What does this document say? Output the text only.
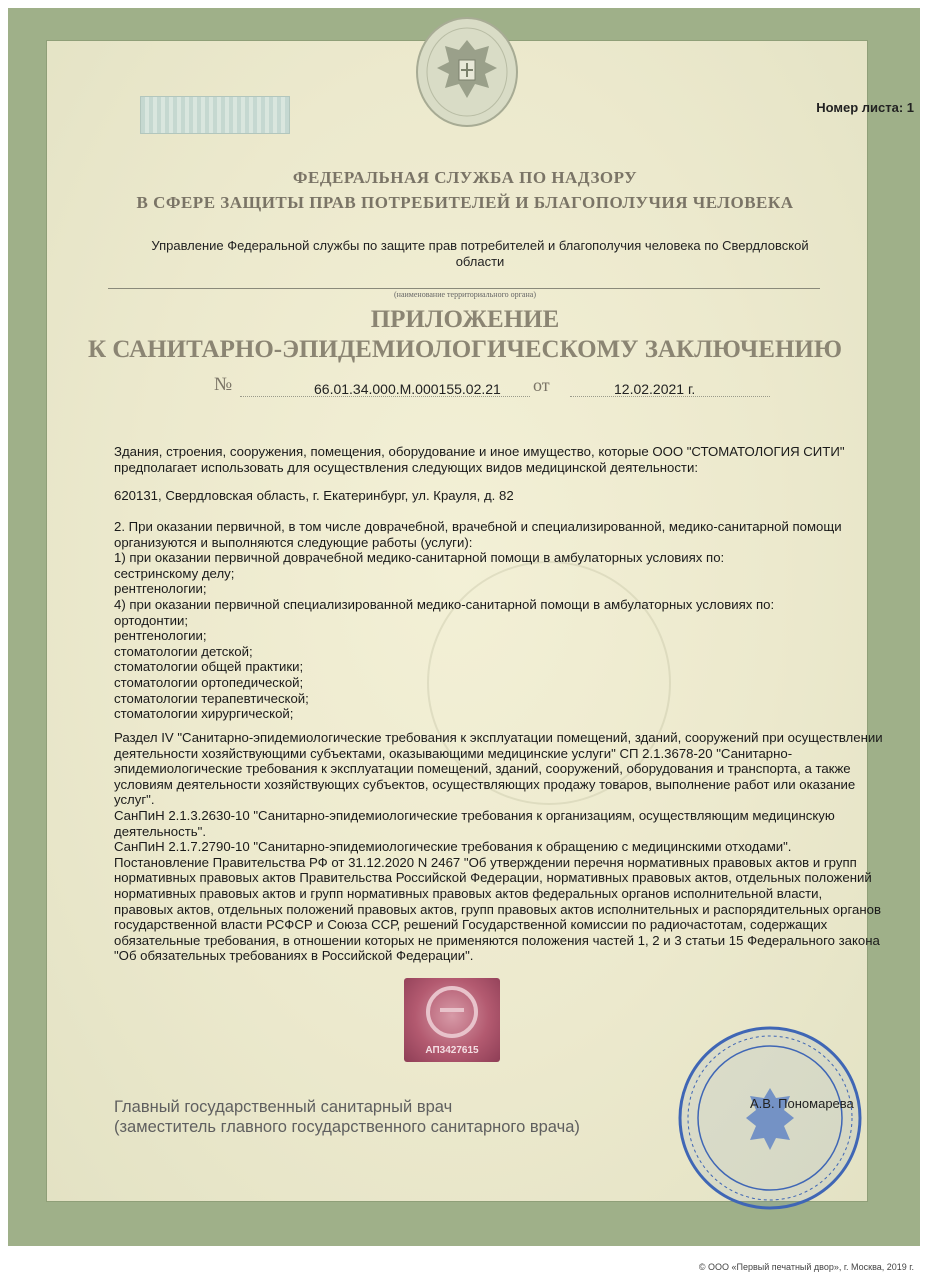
Номер листа: 1
ФЕДЕРАЛЬНАЯ СЛУЖБА ПО НАДЗОРУ
В СФЕРЕ ЗАЩИТЫ ПРАВ ПОТРЕБИТЕЛЕЙ И БЛАГОПОЛУЧИЯ ЧЕЛОВЕКА
Управление Федеральной службы по защите прав потребителей и благополучия человека по Свердловской области
(наименование территориального органа)
ПРИЛОЖЕНИЕ
К САНИТАРНО-ЭПИДЕМИОЛОГИЧЕСКОМУ ЗАКЛЮЧЕНИЮ
№	66.01.34.000.М.000155.02.21 от	12.02.2021 г.
Здания, строения, сооружения, помещения, оборудование и иное имущество, которые ООО "СТОМАТОЛОГИЯ СИТИ" предполагает использовать для осуществления следующих видов медицинской деятельности:
620131, Свердловская область, г. Екатеринбург, ул. Крауля, д. 82
2. При оказании первичной, в том числе доврачебной, врачебной и специализированной, медико-санитарной помощи организуются и выполняются следующие работы (услуги):
1) при оказании первичной доврачебной медико-санитарной помощи в амбулаторных условиях по:
сестринскому делу;
рентгенологии;
4) при оказании первичной специализированной медико-санитарной помощи в амбулаторных условиях по:
ортодонтии;
рентгенологии;
стоматологии детской;
стоматологии общей практики;
стоматологии ортопедической;
стоматологии терапевтической;
стоматологии хирургической;
Раздел IV "Санитарно-эпидемиологические требования к эксплуатации помещений, зданий, сооружений при осуществлении деятельности хозяйствующими субъектами, оказывающими медицинские услуги" СП 2.1.3678-20 "Санитарно-эпидемиологические требования к эксплуатации помещений, зданий, сооружений, оборудования и транспорта, а также условиям деятельности хозяйствующих субъектов, осуществляющих продажу товаров, выполнение работ или оказание услуг".
СанПиН 2.1.3.2630-10 "Санитарно-эпидемиологические требования к организациям, осуществляющим медицинскую деятельность".
СанПиН 2.1.7.2790-10 "Санитарно-эпидемиологические требования к обращению с медицинскими отходами".
Постановление Правительства РФ от 31.12.2020 N 2467 "Об утверждении перечня нормативных правовых актов и групп нормативных правовых актов Правительства Российской Федерации, нормативных правовых актов, отдельных положений нормативных правовых актов и групп нормативных правовых актов федеральных органов исполнительной власти, правовых актов, отдельных положений правовых актов, групп правовых актов исполнительных и распорядительных органов государственной власти РСФСР и Союза ССР, решений Государственной комиссии по радиочастотам, содержащих обязательные требования, в отношении которых не применяются положения частей 1, 2 и 3 статьи 15 Федерального закона "Об обязательных требованиях в Российской Федерации".
АП3427615
Главный государственный санитарный врач
(заместитель главного государственного санитарного врача)
А.В. Пономарева
© ООО «Первый печатный двор», г. Москва, 2019 г.
